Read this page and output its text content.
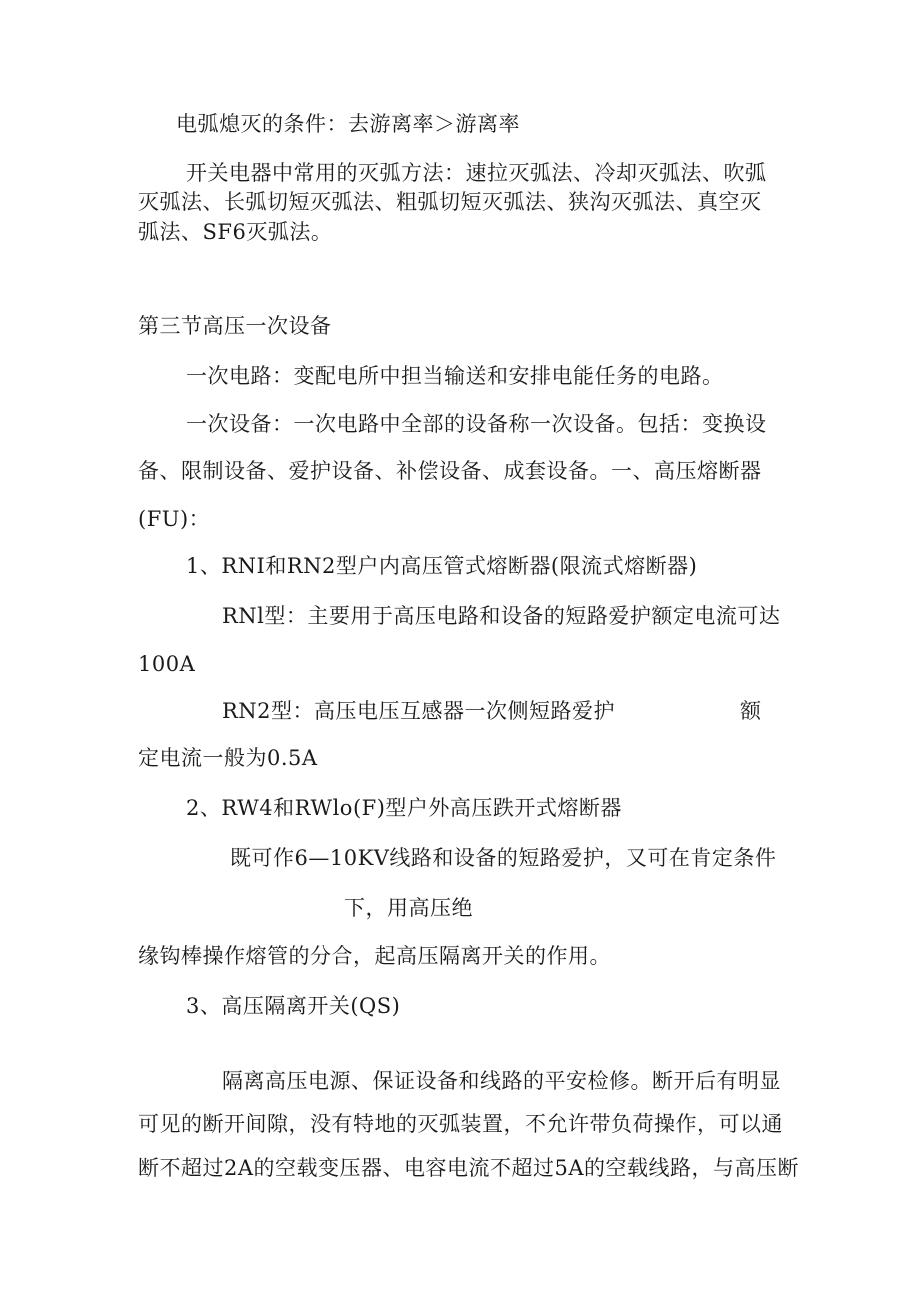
电弧熄灭的条件：去游离率＞游离率
开关电器中常用的灭弧方法：速拉灭弧法、冷却灭弧法、吹弧
灭弧法、长弧切短灭弧法、粗弧切短灭弧法、狭沟灭弧法、真空灭
弧法、SF6灭弧法。
第三节高压一次设备
一次电路：变配电所中担当输送和安排电能任务的电路。
一次设备：一次电路中全部的设备称一次设备。包括：变换设
备、限制设备、爱护设备、补偿设备、成套设备。一、高压熔断器
(FU)：
1、RNI和RN2型户内高压管式熔断器(限流式熔断器)
RNl型：主要用于高压电路和设备的短路爱护额定电流可达
100A
RN2型：高压电压互感器一次侧短路爱护	额
定电流一般为0.5A
2、RW4和RWlo(F)型户外高压跌开式熔断器
既可作6—10KV线路和设备的短路爱护，又可在肯定条件
下，用高压绝
缘钩棒操作熔管的分合，起高压隔离开关的作用。
3、高压隔离开关(QS)
隔离高压电源、保证设备和线路的平安检修。断开后有明显
可见的断开间隙，没有特地的灭弧装置，不允许带负荷操作，可以通
断不超过2A的空载变压器、电容电流不超过5A的空载线路，与高压断
